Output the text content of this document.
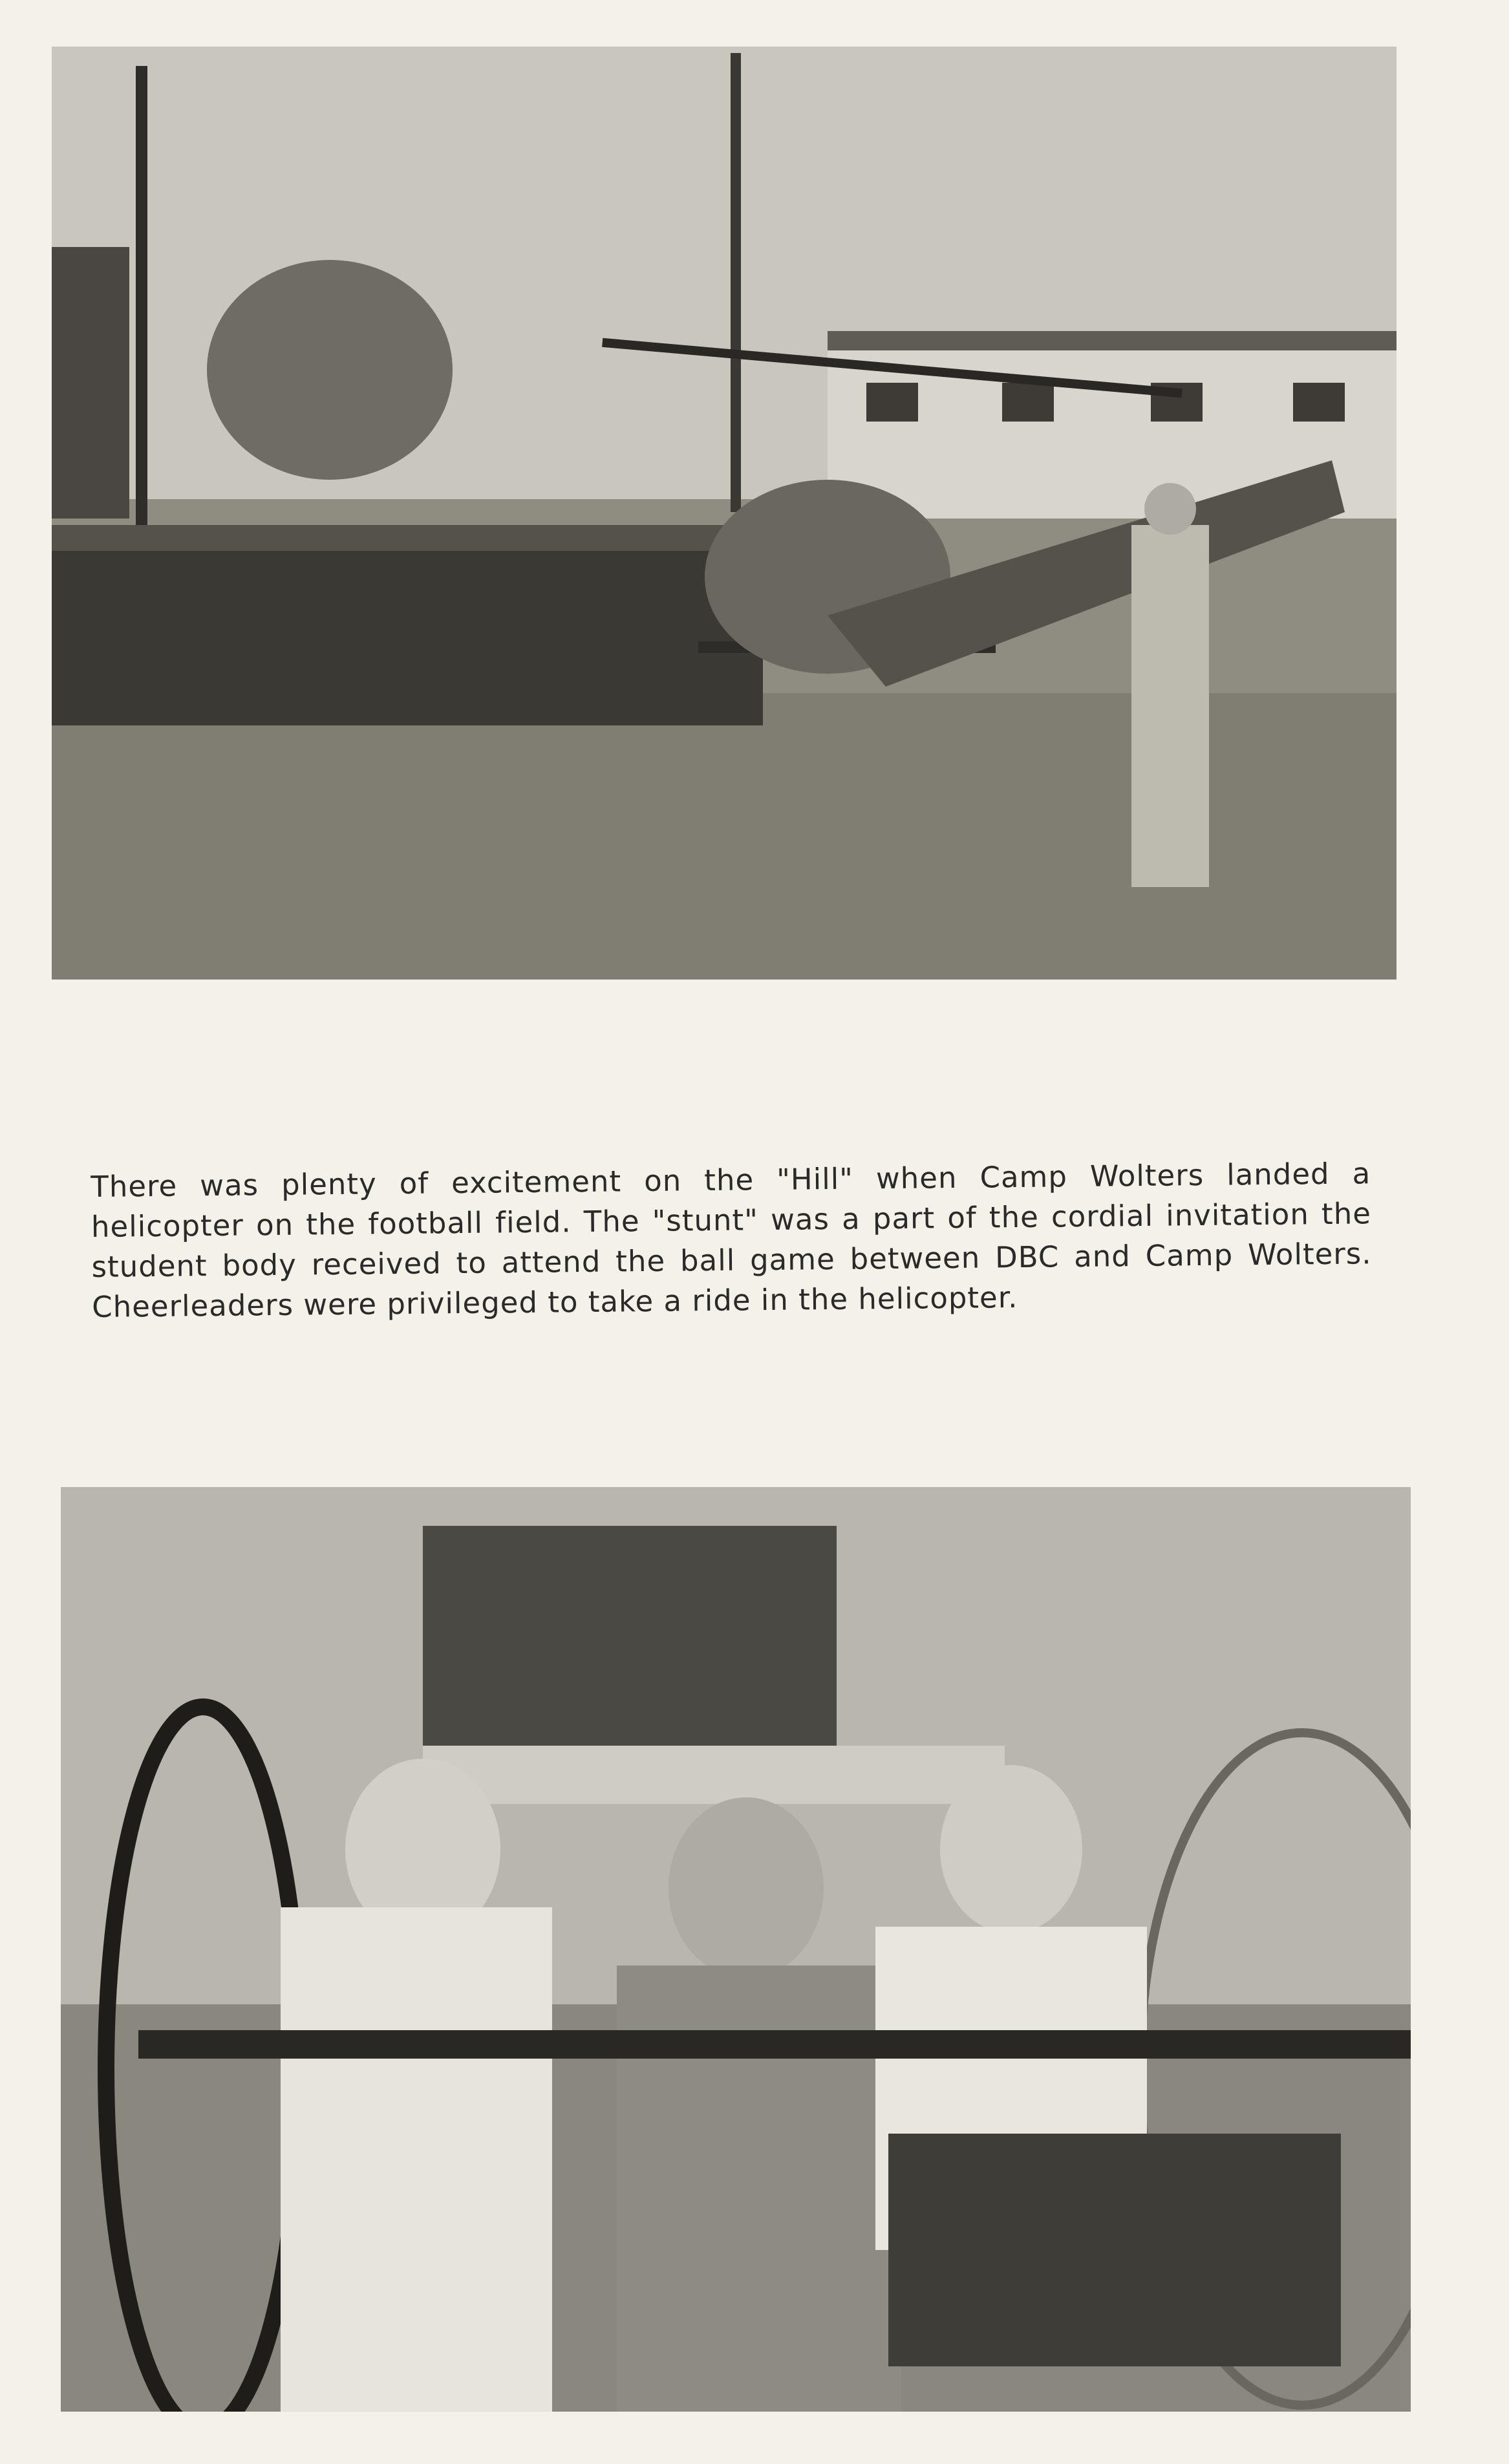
There was plenty of excitement on the "Hill" when Camp Wolters landed a helicopter on the football field. The "stunt" was a part of the cordial invitation the student body received to attend the ball game between DBC and Camp Wolters. Cheerleaders were privileged to take a ride in the helicopter.
